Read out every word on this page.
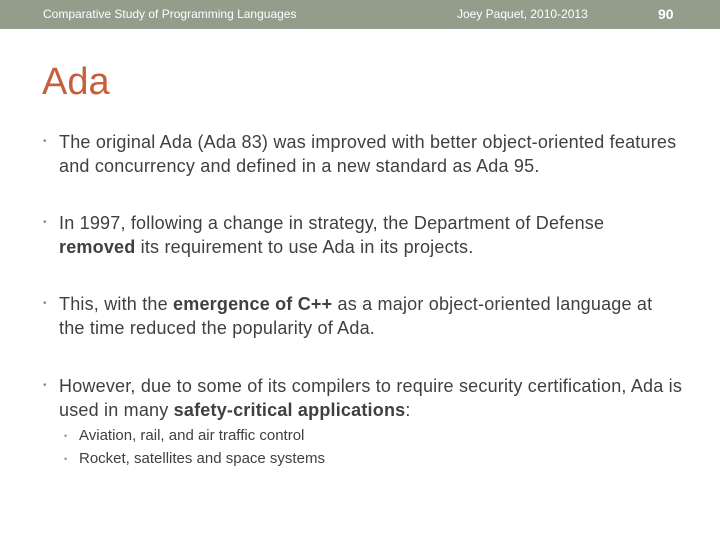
Comparative Study of Programming Languages	Joey Paquet, 2010-2013	90
Ada
• The original Ada (Ada 83) was improved with better object-oriented features and concurrency and defined in a new standard as Ada 95.
• In 1997, following a change in strategy, the Department of Defense removed its requirement to use Ada in its projects.
• This, with the emergence of C++ as a major object-oriented language at the time reduced the popularity of Ada.
• However, due to some of its compilers to require security certification, Ada is used in many safety-critical applications:
• Aviation, rail, and air traffic control
• Rocket, satellites and space systems
